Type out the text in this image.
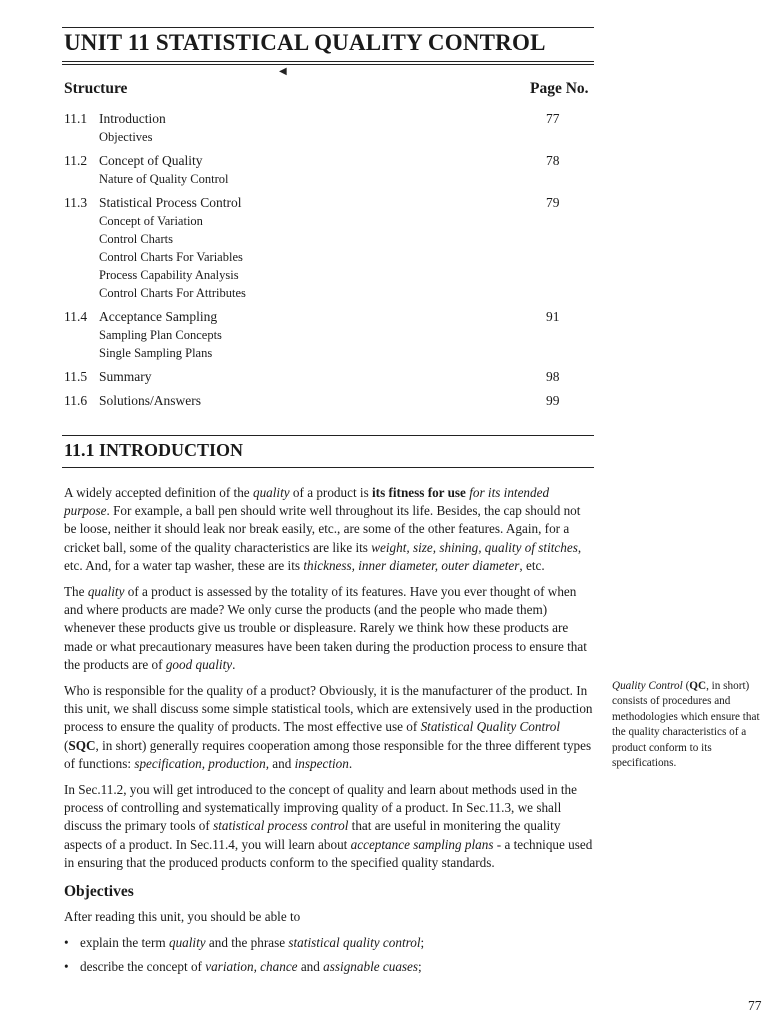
UNIT 11 STATISTICAL QUALITY CONTROL
◀
Structure	Page No.
11.1 Introduction	77
Objectives
11.2 Concept of Quality	78
Nature of Quality Control
11.3 Statistical Process Control	79
Concept of Variation
Control Charts
Control Charts For Variables
Process Capability Analysis
Control Charts For Attributes
11.4 Acceptance Sampling	91
Sampling Plan Concepts
Single Sampling Plans
11.5 Summary	98
11.6 Solutions/Answers	99
11.1 INTRODUCTION

A widely accepted definition of the quality of a product is its fitness for use for its intended purpose. For example, a ball pen should write well throughout its life. Besides, the cap should not be loose, neither it should leak nor break easily, etc., are some of the other features. Again, for a cricket ball, some of the quality characteristics are like its weight, size, shining, quality of stitches, etc. And, for a water tap washer, these are its thickness, inner diameter, outer diameter, etc.

The quality of a product is assessed by the totality of its features. Have you ever thought of when and where products are made? We only curse the products (and the people who made them) whenever these products give us trouble or displeasure. Rarely we think how these products are made or what precautionary measures have been taken during the production process to ensure that the products are of good quality.

Who is responsible for the quality of a product? Obviously, it is the manufacturer of the product. In this unit, we shall discuss some simple statistical tools, which are extensively used in the production process to ensure the quality of products. The most effective use of Statistical Quality Control (SQC, in short) generally requires cooperation among those responsible for the three different types of functions: specification, production, and inspection.

In Sec.11.2, you will get introduced to the concept of quality and learn about methods used in the process of controlling and systematically improving quality of a product. In Sec.11.3, we shall discuss the primary tools of statistical process control that are useful in monitering the quality aspects of a product. In Sec.11.4, you will learn about acceptance sampling plans - a technique used in ensuring that the produced products conform to the specified quality standards.

Objectives

After reading this unit, you should be able to

• explain the term quality and the phrase statistical quality control;
• describe the concept of variation, chance and assignable cuases;
Quality Control (QC, in short) consists of procedures and methodologies which ensure that the quality characteristics of a product conform to its specifications.
77
